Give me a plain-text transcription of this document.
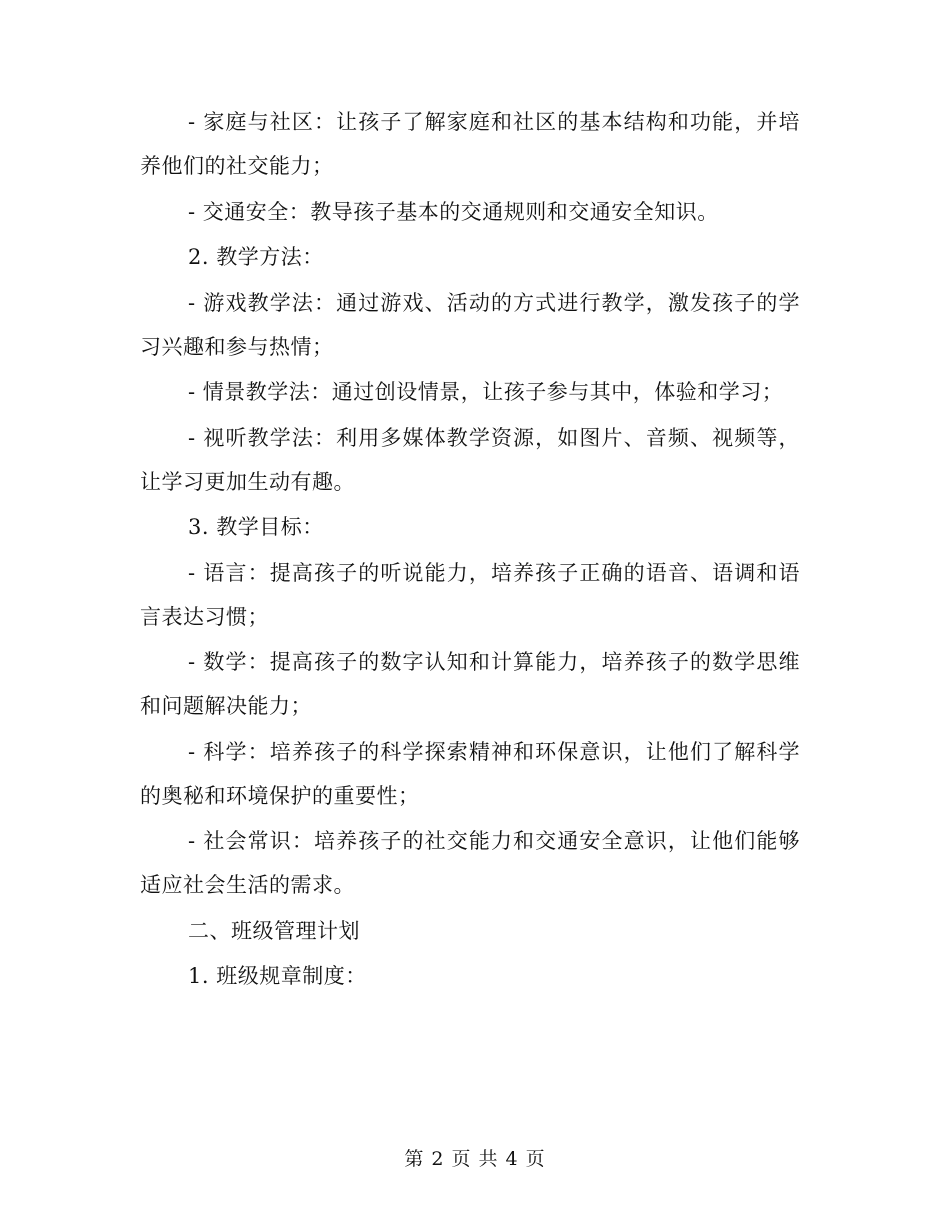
- 家庭与社区：让孩子了解家庭和社区的基本结构和功能，并培养他们的社交能力；

- 交通安全：教导孩子基本的交通规则和交通安全知识。

2. 教学方法：

- 游戏教学法：通过游戏、活动的方式进行教学，激发孩子的学习兴趣和参与热情；

- 情景教学法：通过创设情景，让孩子参与其中，体验和学习；

- 视听教学法：利用多媒体教学资源，如图片、音频、视频等，让学习更加生动有趣。

3. 教学目标：

- 语言：提高孩子的听说能力，培养孩子正确的语音、语调和语言表达习惯；

- 数学：提高孩子的数字认知和计算能力，培养孩子的数学思维和问题解决能力；

- 科学：培养孩子的科学探索精神和环保意识，让他们了解科学的奥秘和环境保护的重要性；

- 社会常识：培养孩子的社交能力和交通安全意识，让他们能够适应社会生活的需求。

二、班级管理计划

1. 班级规章制度：

第 2 页 共 4 页
